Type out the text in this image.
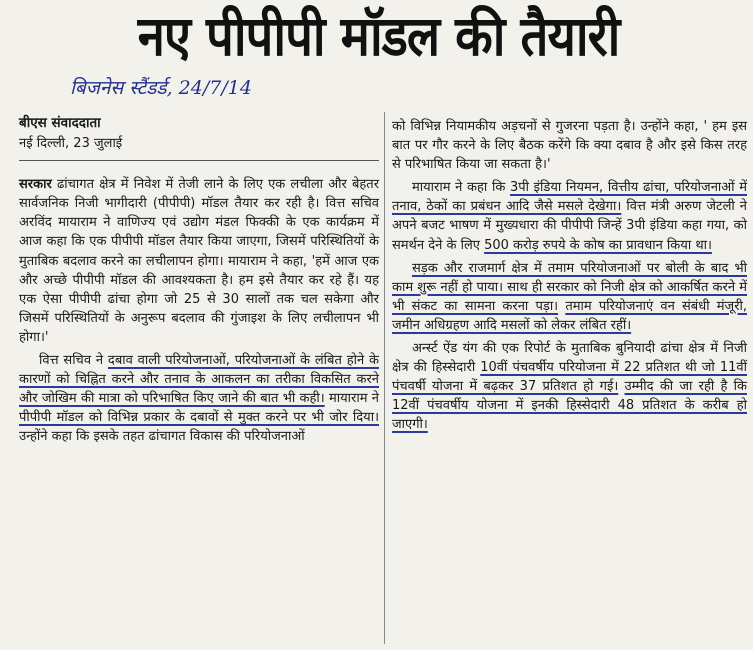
नए पीपीपी मॉडल की तैयारी
बिजनेस स्टैंडर्ड, 24/7/14
बीएस संवाददाता
नई दिल्ली, 23 जुलाई

सरकार ढांचागत क्षेत्र में निवेश में तेजी लाने के लिए एक लचीला और बेहतर सार्वजनिक निजी भागीदारी (पीपीपी) मॉडल तैयार कर रही है। वित्त सचिव अरविंद मायाराम ने वाणिज्य एवं उद्योग मंडल फिक्की के एक कार्यक्रम में आज कहा कि एक पीपीपी मॉडल तैयार किया जाएगा, जिसमें परिस्थितियों के मुताबिक बदलाव करने का लचीलापन होगा। मायाराम ने कहा, 'हमें आज एक और अच्छे पीपीपी मॉडल की आवश्यकता है। हम इसे तैयार कर रहे हैं। यह एक ऐसा पीपीपी ढांचा होगा जो 25 से 30 सालों तक चल सकेगा और जिसमें परिस्थितियों के अनुरूप बदलाव की गुंजाइश के लिए लचीलापन भी होगा।'

वित्त सचिव ने दबाव वाली परियोजनाओं, परियोजनाओं के लंबित होने के कारणों को चिह्नित करने और तनाव के आकलन का तरीका विकसित करने और जोखिम की मात्रा को परिभाषित किए जाने की बात भी कही। मायाराम ने पीपीपी मॉडल को विभिन्न प्रकार के दबावों से मुक्त करने पर भी जोर दिया। उन्होंने कहा कि इसके तहत ढांचागत विकास की परियोजनाओं

को विभिन्न नियामकीय अड़चनों से गुजरना पड़ता है। उन्होंने कहा, ' हम इस बात पर गौर करने के लिए बैठक करेंगे कि क्या दबाव है और इसे किस तरह से परिभाषित किया जा सकता है।'

मायाराम ने कहा कि 3पी इंडिया नियमन, वित्तीय ढांचा, परियोजनाओं में तनाव, ठेकों का प्रबंधन आदि जैसे मसले देखेगा। वित्त मंत्री अरुण जेटली ने अपने बजट भाषण में मुख्यधारा की पीपीपी जिन्हें 3पी इंडिया कहा गया, को समर्थन देने के लिए 500 करोड़ रुपये के कोष का प्रावधान किया था।

सड़क और राजमार्ग क्षेत्र में तमाम परियोजनाओं पर बोली के बाद भी काम शुरू नहीं हो पाया। साथ ही सरकार को निजी क्षेत्र को आकर्षित करने में भी संकट का सामना करना पड़ा। तमाम परियोजनाएं वन संबंधी मंजूरी, जमीन अधिग्रहण आदि मसलों को लेकर लंबित रहीं।

अर्न्स्ट ऐंड यंग की एक रिपोर्ट के मुताबिक बुनियादी ढांचा क्षेत्र में निजी क्षेत्र की हिस्सेदारी 10वीं पंचवर्षीय परियोजना में 22 प्रतिशत थी जो 11वीं पंचवर्षी योजना में बढ़कर 37 प्रतिशत हो गई। उम्मीद की जा रही है कि 12वीं पंचवर्षीय योजना में इनकी हिस्सेदारी 48 प्रतिशत के करीब हो जाएगी।
